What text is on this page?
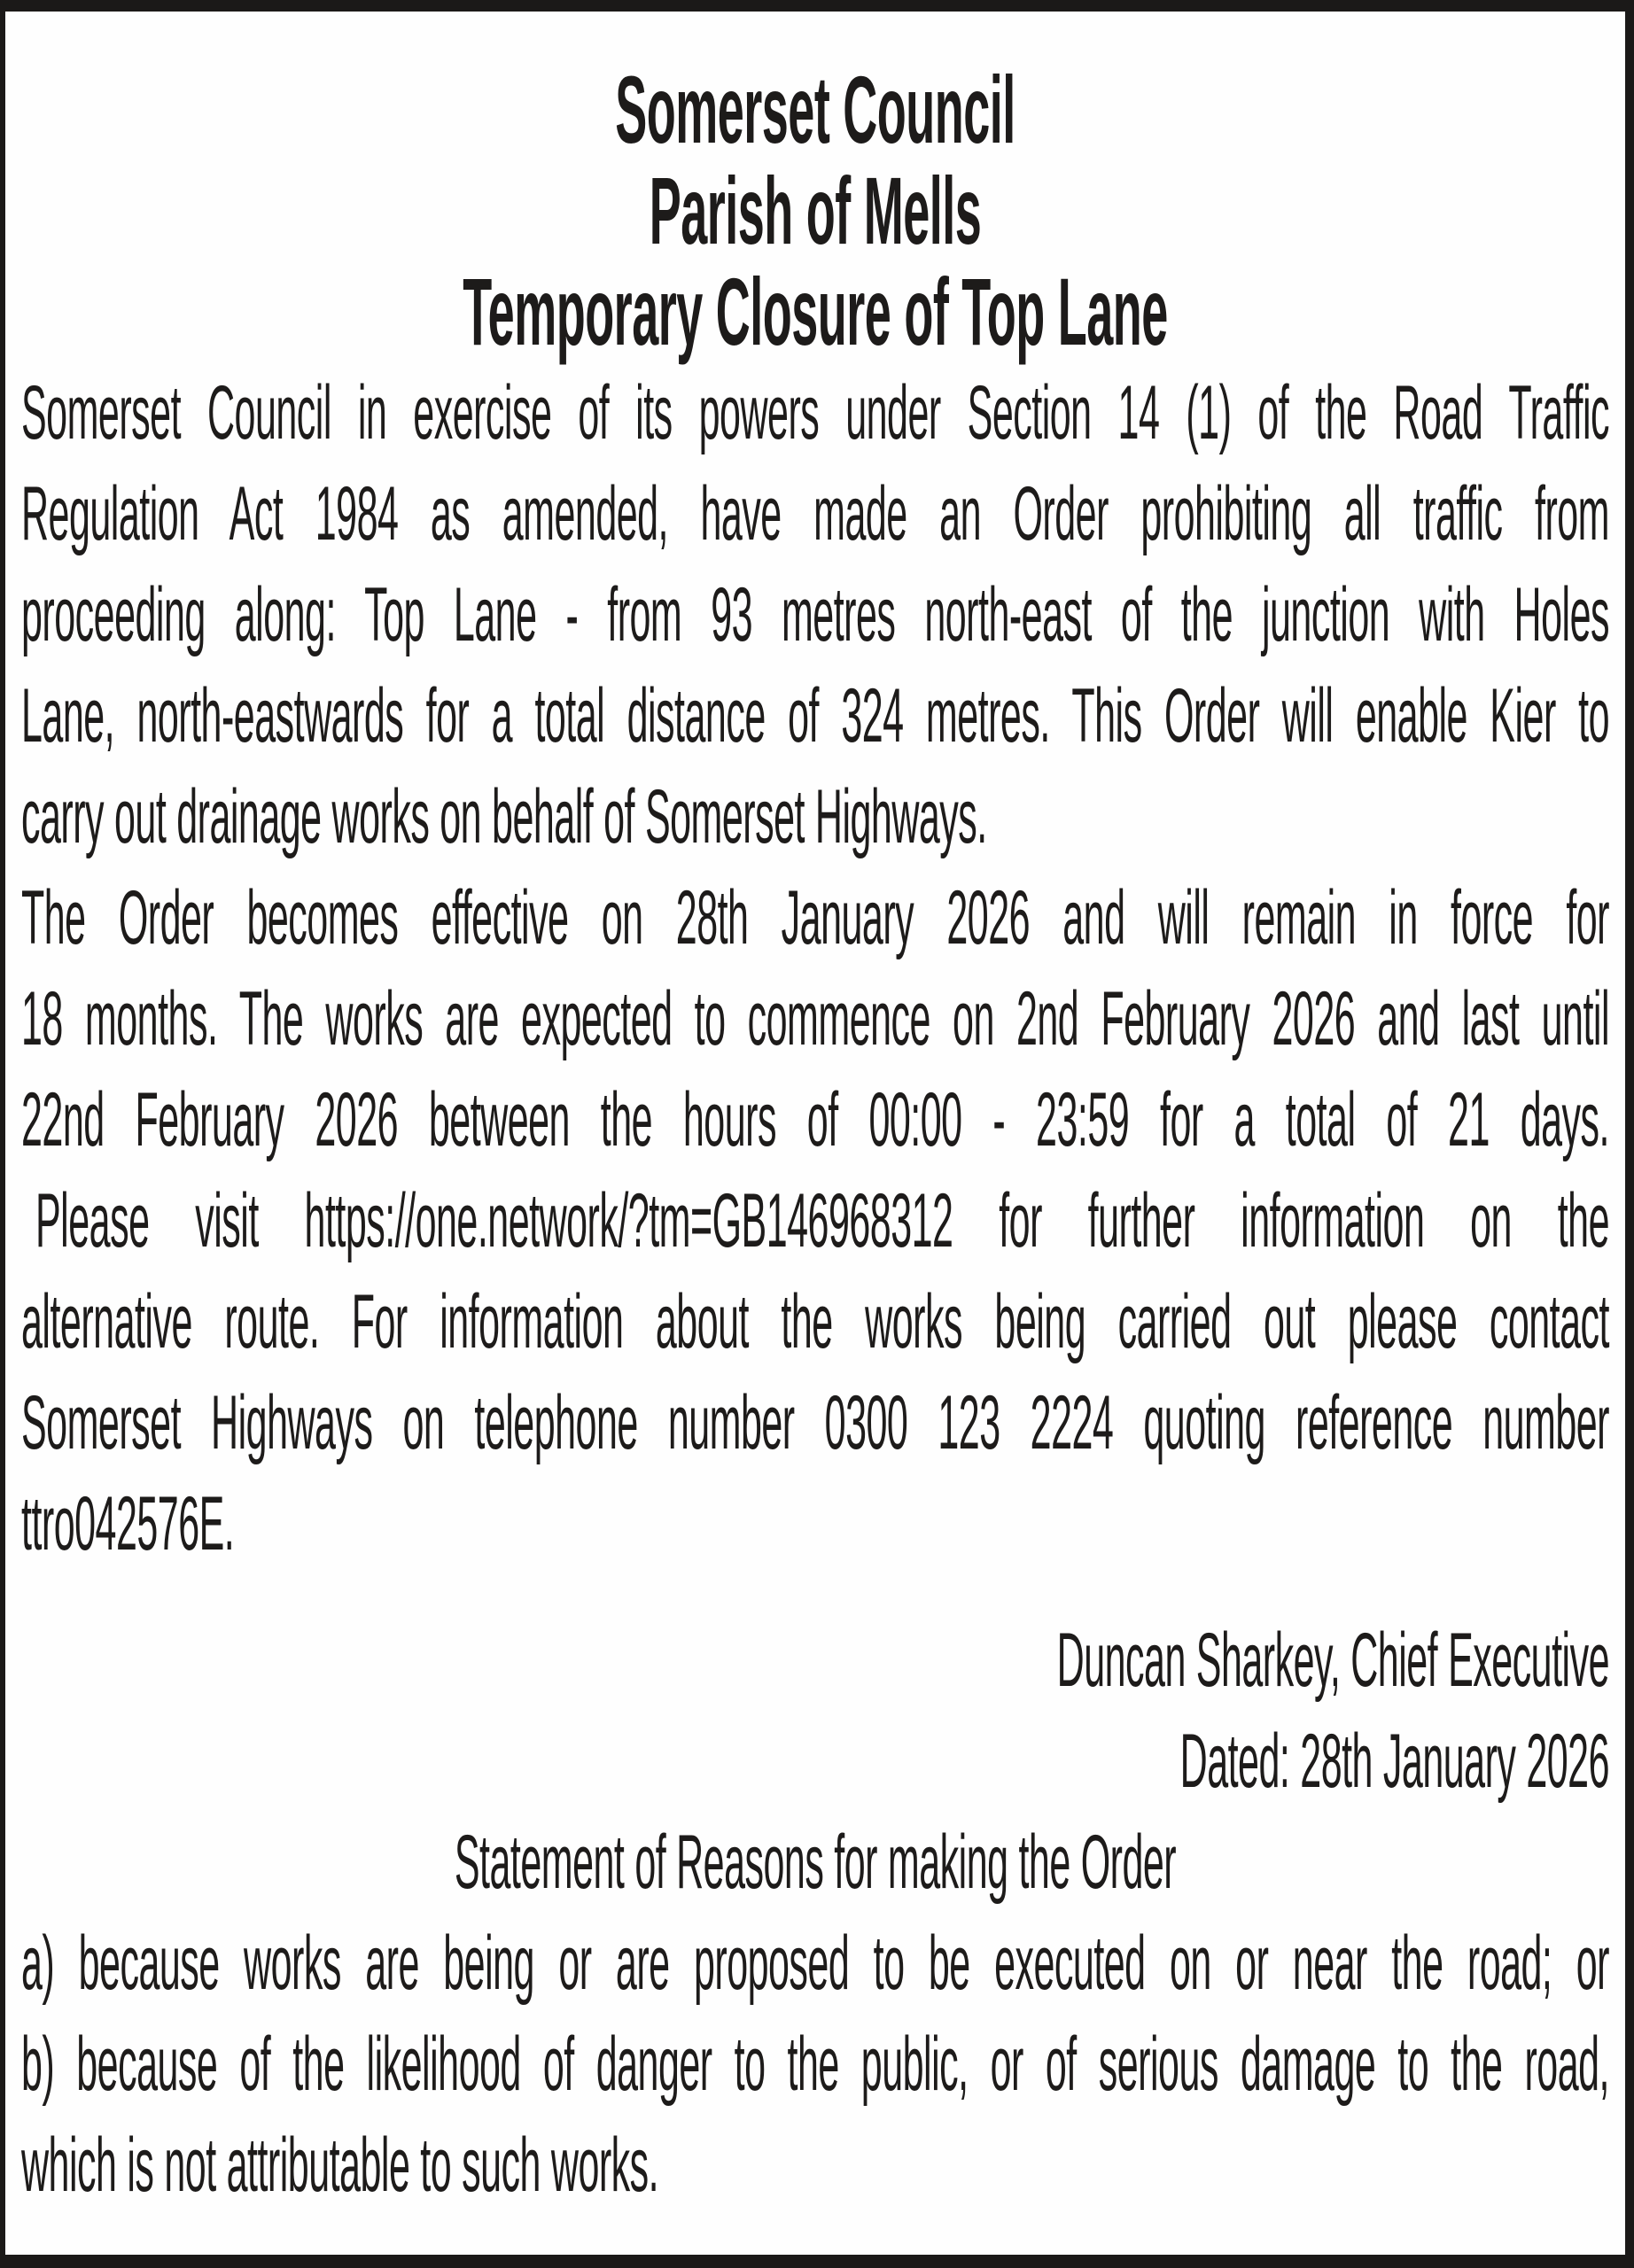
Somerset Council
Parish of Mells
Temporary Closure of Top Lane
Somerset Council in exercise of its powers under Section 14 (1) of the Road Traffic
Regulation Act 1984 as amended, have made an Order prohibiting all traffic from
proceeding along: Top Lane - from 93 metres north-east of the junction with Holes
Lane, north-eastwards for a total distance of 324 metres. This Order will enable Kier to
carry out drainage works on behalf of Somerset Highways.
The Order becomes effective on 28th January 2026 and will remain in force for
18 months. The works are expected to commence on 2nd February 2026 and last until
22nd February 2026 between the hours of 00:00 - 23:59 for a total of 21 days.
Please visit https://one.network/?tm=GB146968312 for further information on the
alternative route. For information about the works being carried out please contact
Somerset Highways on telephone number 0300 123 2224 quoting reference number
ttro042576E.
Duncan Sharkey, Chief Executive
Dated: 28th January 2026
Statement of Reasons for making the Order
a) because works are being or are proposed to be executed on or near the road; or
b) because of the likelihood of danger to the public, or of serious damage to the road,
which is not attributable to such works.
